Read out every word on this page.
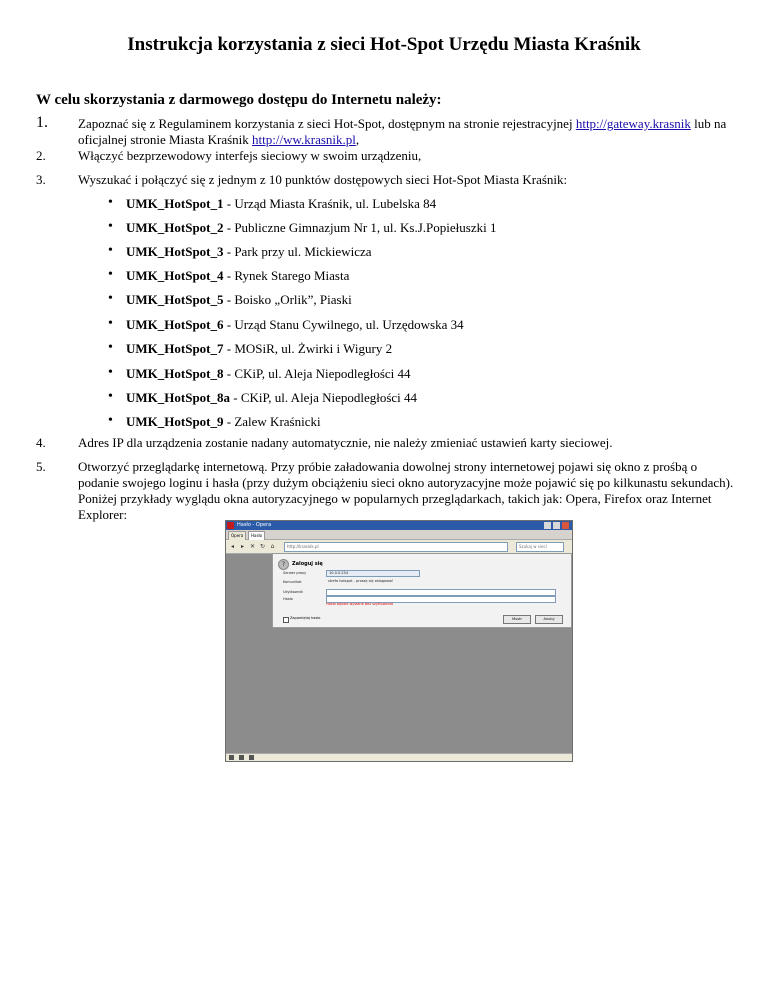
Instrukcja korzystania z sieci Hot-Spot Urzędu Miasta Kraśnik

W celu skorzystania z darmowego dostępu do Internetu należy:

1.	Zapoznać się z Regulaminem korzystania z sieci Hot-Spot, dostępnym na stronie rejestracyjnej http://gateway.krasnik lub na oficjalnej stronie Miasta Kraśnik http://ww.krasnik.pl,
2.	Włączyć bezprzewodowy interfejs sieciowy w swoim urządzeniu,
3.	Wyszukać i połączyć się z jednym z 10 punktów dostępowych sieci Hot-Spot Miasta Kraśnik:
• UMK_HotSpot_1 - Urząd Miasta Kraśnik, ul. Lubelska 84
• UMK_HotSpot_2 - Publiczne Gimnazjum Nr 1, ul. Ks.J.Popiełuszki 1
• UMK_HotSpot_3 - Park przy ul. Mickiewicza
• UMK_HotSpot_4 - Rynek Starego Miasta
• UMK_HotSpot_5 - Boisko „Orlik”, Piaski
• UMK_HotSpot_6 - Urząd Stanu Cywilnego, ul. Urzędowska 34
• UMK_HotSpot_7 - MOSiR, ul. Żwirki i Wigury 2
• UMK_HotSpot_8 - CKiP, ul. Aleja Niepodległości 44
• UMK_HotSpot_8a - CKiP, ul. Aleja Niepodległości 44
• UMK_HotSpot_9 - Zalew Kraśnicki
4.	Adres IP dla urządzenia zostanie nadany automatycznie, nie należy zmieniać ustawień karty sieciowej.
5.	Otworzyć przeglądarkę internetową. Przy próbie załadowania dowolnej strony internetowej pojawi się okno z prośbą o podanie swojego loginu i hasła (przy dużym obciążeniu sieci okno autoryzacyjne może pojawić się po kilkunastu sekundach). Poniżej przykłady wyglądu okna autoryzacyjnego w popularnych przeglądarkach, takich jak: Opera, Firefox oraz Internet Explorer:
Hasło - Opera
Opera	Hasło
◂	▸ ✕ ↻ ⌂	http://krasnik.pl	Szukaj w sieci
?	Zaloguj się
Serwer proxy	10.0.0.254
Komunikat	strefa hotspot - proszę się zalogować
Użytkownik
Hasło
Hasło będzie wysłane bez szyfrowania
Zapamiętaj hasło	Mustr	Anuluj
